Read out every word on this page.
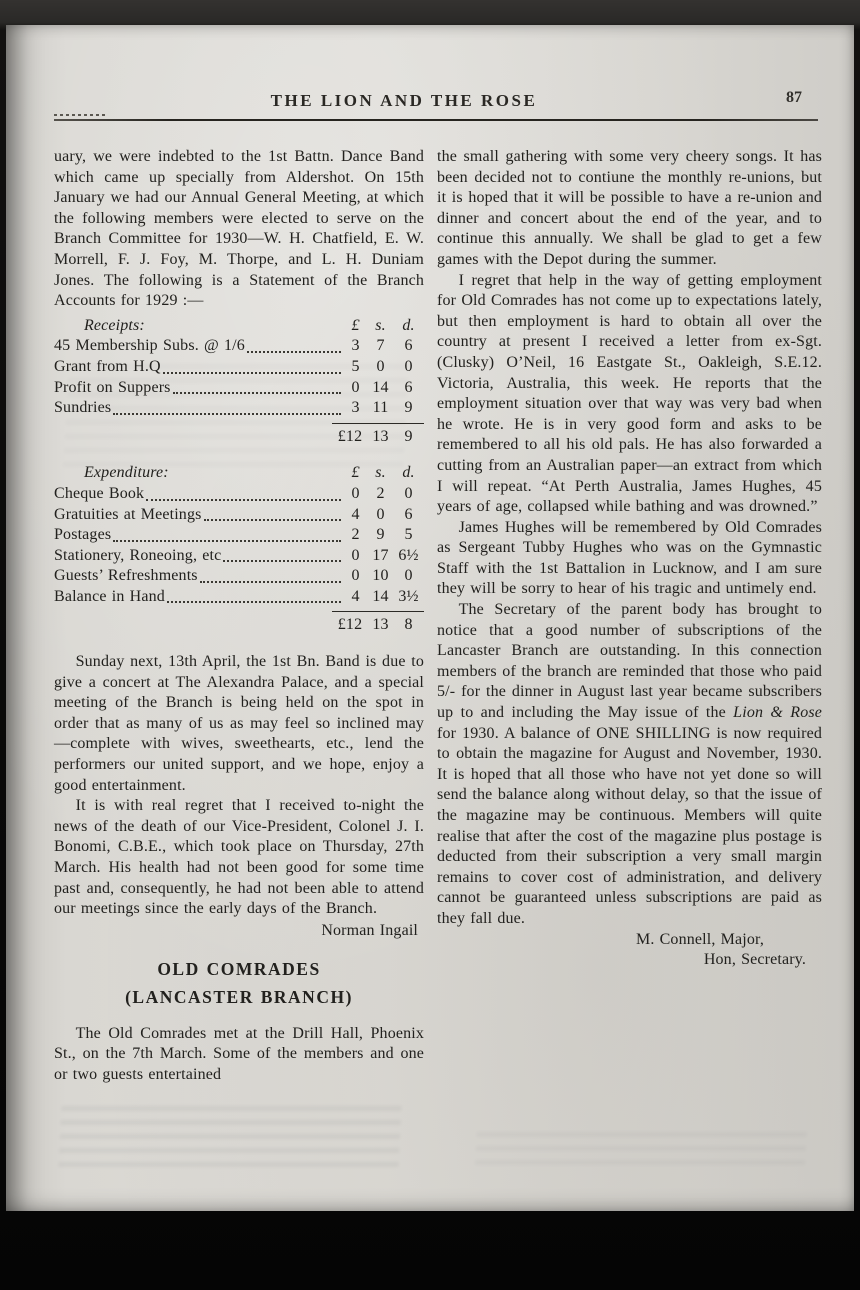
THE LION AND THE ROSE	87

uary, we were indebted to the 1st Battn. Dance Band which came up specially from Aldershot. On 15th January we had our Annual General Meeting, at which the following members were elected to serve on the Branch Committee for 1930—W. H. Chatfield, E. W. Morrell, F. J. Foy, M. Thorpe, and L. H. Duniam Jones. The following is a Statement of the Branch Accounts for 1929 :—

Receipts:	£ s.	d.
45 Membership Subs. @ 1/6	3	7	6
Grant from H.Q	5	0	0
Profit on Suppers	0 14 6
Sundries	3 11	9
£12 13 9
Expenditure:	£ s.	d.
Cheque Book	0	2	0
Gratuities at Meetings	4	0	6
Postages	2	9	5
Stationery, Roneoing, etc	0 17 6½
Guests’ Refreshments	0 10 0
Balance in Hand	4 14 3½
£12 13 8

Sunday next, 13th April, the 1st Bn. Band is due to give a concert at The Alexandra Palace, and a special meeting of the Branch is being held on the spot in order that as many of us as may feel so inclined may—complete with wives, sweethearts, etc., lend the performers our united support, and we hope, enjoy a good entertainment.

It is with real regret that I received to-night the news of the death of our Vice-President, Colonel J. I. Bonomi, C.B.E., which took place on Thursday, 27th March. His health had not been good for some time past and, consequently, he had not been able to attend our meetings since the early days of the Branch.

Norman Ingail
OLD COMRADES
(LANCASTER BRANCH)

The Old Comrades met at the Drill Hall, Phoenix St., on the 7th March. Some of the members and one or two guests entertained

the small gathering with some very cheery songs. It has been decided not to contiune the monthly re-unions, but it is hoped that it will be possible to have a re-union and dinner and concert about the end of the year, and to continue this annually. We shall be glad to get a few games with the Depot during the summer.

I regret that help in the way of getting employment for Old Comrades has not come up to expectations lately, but then employment is hard to obtain all over the country at present I received a letter from ex-Sgt. (Clusky) O’Neil, 16 Eastgate St., Oakleigh, S.E.12. Victoria, Australia, this week. He reports that the employment situation over that way was very bad when he wrote. He is in very good form and asks to be remembered to all his old pals. He has also forwarded a cutting from an Australian paper—an extract from which I will repeat. “At Perth Australia, James Hughes, 45 years of age, collapsed while bathing and was drowned.”

James Hughes will be remembered by Old Comrades as Sergeant Tubby Hughes who was on the Gymnastic Staff with the 1st Battalion in Lucknow, and I am sure they will be sorry to hear of his tragic and untimely end.

The Secretary of the parent body has brought to notice that a good number of subscriptions of the Lancaster Branch are outstanding. In this connection members of the branch are reminded that those who paid 5/- for the dinner in August last year became subscribers up to and including the May issue of the Lion & Rose for 1930. A balance of ONE SHILLING is now required to obtain the magazine for August and November, 1930. It is hoped that all those who have not yet done so will send the balance along without delay, so that the issue of the magazine may be continuous. Members will quite realise that after the cost of the magazine plus postage is deducted from their subscription a very small margin remains to cover cost of administration, and delivery cannot be guaranteed unless subscriptions are paid as they fall due.

M. Connell, Major,
Hon, Secretary.
